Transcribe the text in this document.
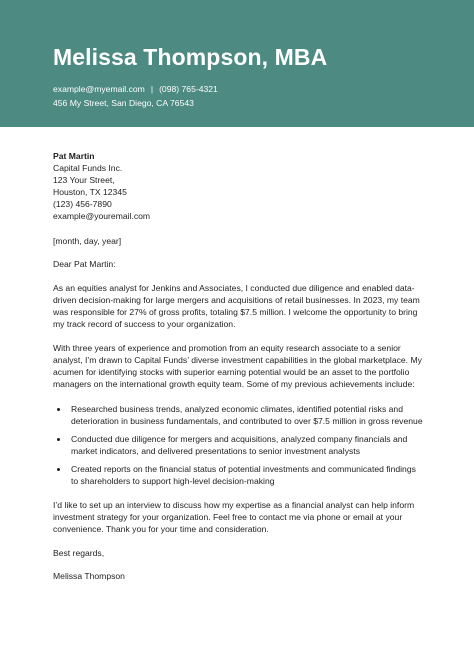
Melissa Thompson, MBA
example@myemail.com | (098) 765-4321
456 My Street, San Diego, CA 76543
Pat Martin
Capital Funds Inc.
123 Your Street,
Houston, TX 12345
(123) 456-7890
example@youremail.com
[month, day, year]
Dear Pat Martin:

As an equities analyst for Jenkins and Associates, I conducted due diligence and enabled data-driven decision-making for large mergers and acquisitions of retail businesses. In 2023, my team was responsible for 27% of gross profits, totaling $7.5 million. I welcome the opportunity to bring my track record of success to your organization.

With three years of experience and promotion from an equity research associate to a senior analyst, I’m drawn to Capital Funds’ diverse investment capabilities in the global marketplace. My acumen for identifying stocks with superior earning potential would be an asset to the portfolio managers on the international growth equity team. Some of my previous achievements include:

• Researched business trends, analyzed economic climates, identified potential risks and deterioration in business fundamentals, and contributed to over $7.5 million in gross revenue
• Conducted due diligence for mergers and acquisitions, analyzed company financials and market indicators, and delivered presentations to senior investment analysts
• Created reports on the financial status of potential investments and communicated findings to shareholders to support high-level decision-making

I’d like to set up an interview to discuss how my expertise as a financial analyst can help inform investment strategy for your organization. Feel free to contact me via phone or email at your convenience. Thank you for your time and consideration.

Best regards,
Melissa Thompson
